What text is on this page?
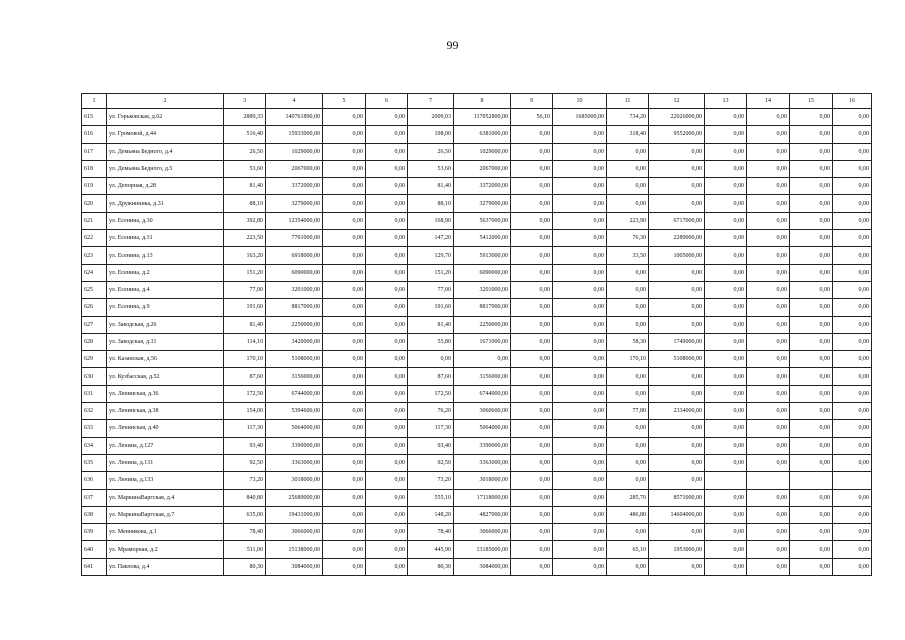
99
1	2	3	4	5	6	7	8	9	10	11	12	13	14	15	16
615	ул. Горьковская, д.62	2889,33	140761890,00	0,00	0,00	2009,03	117052800,00	56,10	1685000,00	734,20	22026000,00	0,00	0,00	0,00	0,00
616	ул. Громовой, д.44	516,40	15933000,00	0,00	0,00	198,00	6381000,00	0,00	0,00	318,40	9552000,00	0,00	0,00	0,00	0,00
617	ул. Демьяна Бедного, д.4	26,50	1029000,00	0,00	0,00	26,50	1029000,00	0,00	0,00	0,00	0,00	0,00	0,00	0,00	0,00
618	ул. Демьяна Бедного, д.5	53,60	2067000,00	0,00	0,00	53,60	2067000,00	0,00	0,00	0,00	0,00	0,00	0,00	0,00	0,00
619	ул. Депорная, д.28	81,40	3372000,00	0,00	0,00	81,40	3372000,00	0,00	0,00	0,00	0,00	0,00	0,00	0,00	0,00
620	ул. Дружинника, д.31	88,10	3279000,00	0,00	0,00	88,10	3279000,00	0,00	0,00	0,00	0,00	0,00	0,00	0,00	0,00
621	ул. Есенина, д.30	392,80	12354000,00	0,00	0,00	168,90	5637000,00	0,00	0,00	223,90	6717000,00	0,00	0,00	0,00	0,00
622	ул. Есенина, д.31	223,50	7701000,00	0,00	0,00	147,20	5412000,00	0,00	0,00	76,30	2289000,00	0,00	0,00	0,00	0,00
623	ул. Есенина, д.13	163,20	6918000,00	0,00	0,00	129,70	5913000,00	0,00	0,00	33,50	1005000,00	0,00	0,00	0,00	0,00
624	ул. Есенина, д.2	151,20	6090000,00	0,00	0,00	151,20	6090000,00	0,00	0,00	0,00	0,00	0,00	0,00	0,00	0,00
625	ул. Есенина, д.4	77,00	3201000,00	0,00	0,00	77,00	3201000,00	0,00	0,00	0,00	0,00	0,00	0,00	0,00	0,00
626	ул. Есенина, д.9	191,60	8817000,00	0,00	0,00	191,60	8817000,00	0,00	0,00	0,00	0,00	0,00	0,00	0,00	0,00
627	ул. Заводская, д.26	81,40	2250000,00	0,00	0,00	81,40	2250000,00	0,00	0,00	0,00	0,00	0,00	0,00	0,00	0,00
628	ул. Заводская, д.31	114,10	3420000,00	0,00	0,00	55,80	1671000,00	0,00	0,00	58,30	1749000,00	0,00	0,00	0,00	0,00
629	ул. Казанская, д.56	170,10	5108000,00	0,00	0,00	0,00	0,00	0,00	0,00	170,10	5108000,00	0,00	0,00	0,00	0,00
630	ул. Кузбасская, д.52	87,60	3156000,00	0,00	0,00	87,60	3156000,00	0,00	0,00	0,00	0,00	0,00	0,00	0,00	0,00
631	ул. Ленинская, д.36	172,50	6744000,00	0,00	0,00	172,50	6744000,00	0,00	0,00	0,00	0,00	0,00	0,00	0,00	0,00
632	ул. Ленинская, д.38	154,00	5394600,00	0,00	0,00	76,20	3060600,00	0,00	0,00	77,80	2334000,00	0,00	0,00	0,00	0,00
633	ул. Ленинская, д.40	117,30	5064000,00	0,00	0,00	117,30	5064000,00	0,00	0,00	0,00	0,00	0,00	0,00	0,00	0,00
634	ул. Ленина, д.127	93,40	3390000,00	0,00	0,00	93,40	3390000,00	0,00	0,00	0,00	0,00	0,00	0,00	0,00	0,00
635	ул. Ленина, д.131	92,50	3363000,00	0,00	0,00	92,50	3363000,00	0,00	0,00	0,00	0,00	0,00	0,00	0,00	0,00
636	ул. Ленина, д.133	73,20	3018000,00	0,00	0,00	73,20	3018000,00	0,00	0,00	0,00	0,00				
637	ул. МаркинаВаргская, д.4	840,80	25689000,00	0,00	0,00	555,10	17118000,00	0,00	0,00	285,70	8571000,00	0,00	0,00	0,00	0,00
638	ул. МаркинаВаргская, д.7	635,00	19431000,00	0,00	0,00	148,20	4827000,00	0,00	0,00	486,80	14604000,00	0,00	0,00	0,00	0,00
639	ул. Менникова, д.1	78,40	3066000,00	0,00	0,00	78,40	3066000,00	0,00	0,00	0,00	0,00	0,00	0,00	0,00	0,00
640	ул. Мраморная, д.2	511,00	15138000,00	0,00	0,00	445,90	13185000,00	0,00	0,00	65,10	1953000,00	0,00	0,00	0,00	0,00
641	ул. Павлова, д.4	80,30	3084000,00	0,00	0,00	80,30	3084000,00	0,00	0,00	0,00	0,00	0,00	0,00	0,00	0,00
